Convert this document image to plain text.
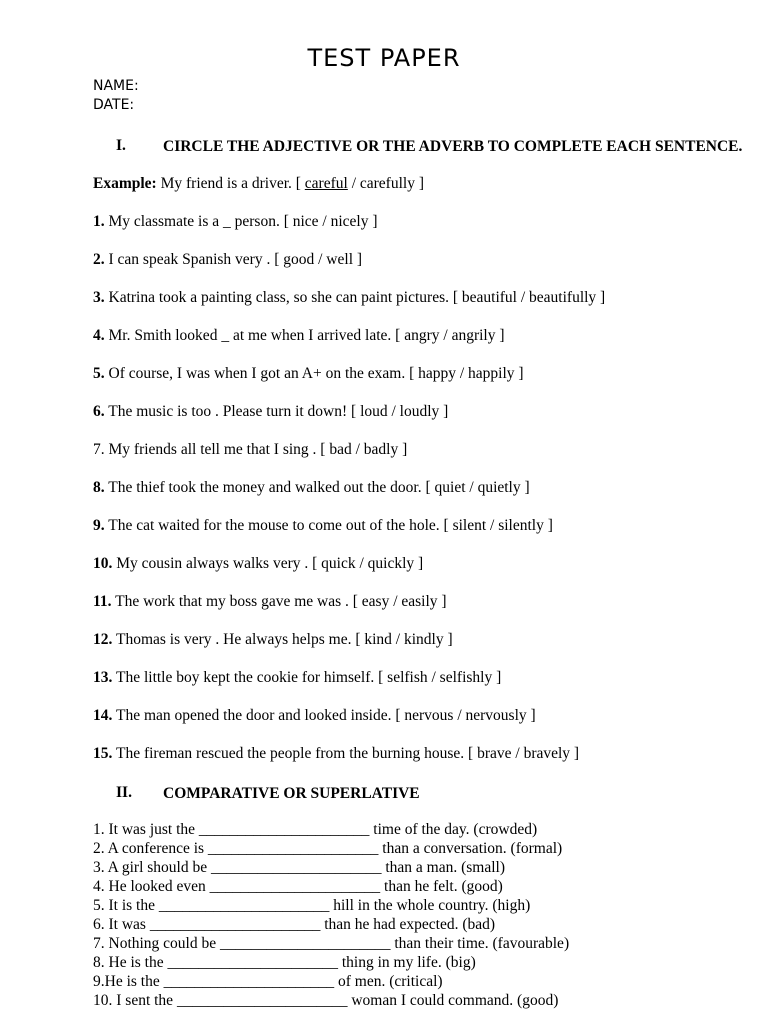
TEST PAPER
NAME:
DATE:
I. CIRCLE THE ADJECTIVE OR THE ADVERB TO COMPLETE EACH SENTENCE.
Example: My friend is a driver. [ careful / carefully ]
1. My classmate is a _ person. [ nice / nicely ]
2. I can speak Spanish very . [ good / well ]
3. Katrina took a painting class, so she can paint pictures. [ beautiful / beautifully ]
4. Mr. Smith looked _ at me when I arrived late. [ angry / angrily ]
5. Of course, I was when I got an A+ on the exam. [ happy / happily ]
6. The music is too . Please turn it down! [ loud / loudly ]
7. My friends all tell me that I sing . [ bad / badly ]
8. The thief took the money and walked out the door. [ quiet / quietly ]
9. The cat waited for the mouse to come out of the hole. [ silent / silently ]
10. My cousin always walks very . [ quick / quickly ]
11. The work that my boss gave me was . [ easy / easily ]
12. Thomas is very . He always helps me. [ kind / kindly ]
13. The little boy kept the cookie for himself. [ selfish / selfishly ]
14. The man opened the door and looked inside. [ nervous / nervously ]
15. The fireman rescued the people from the burning house. [ brave / bravely ]
II. COMPARATIVE OR SUPERLATIVE
1. It was just the ______________________ time of the day. (crowded)
2. A conference is ______________________ than a conversation. (formal)
3. A girl should be ______________________ than a man. (small)
4. He looked even ______________________ than he felt. (good)
5. It is the ______________________ hill in the whole country. (high)
6. It was ______________________ than he had expected. (bad)
7. Nothing could be ______________________ than their time. (favourable)
8. He is the ______________________ thing in my life. (big)
9.He is the ______________________ of men. (critical)
10. I sent the ______________________ woman I could command. (good)
